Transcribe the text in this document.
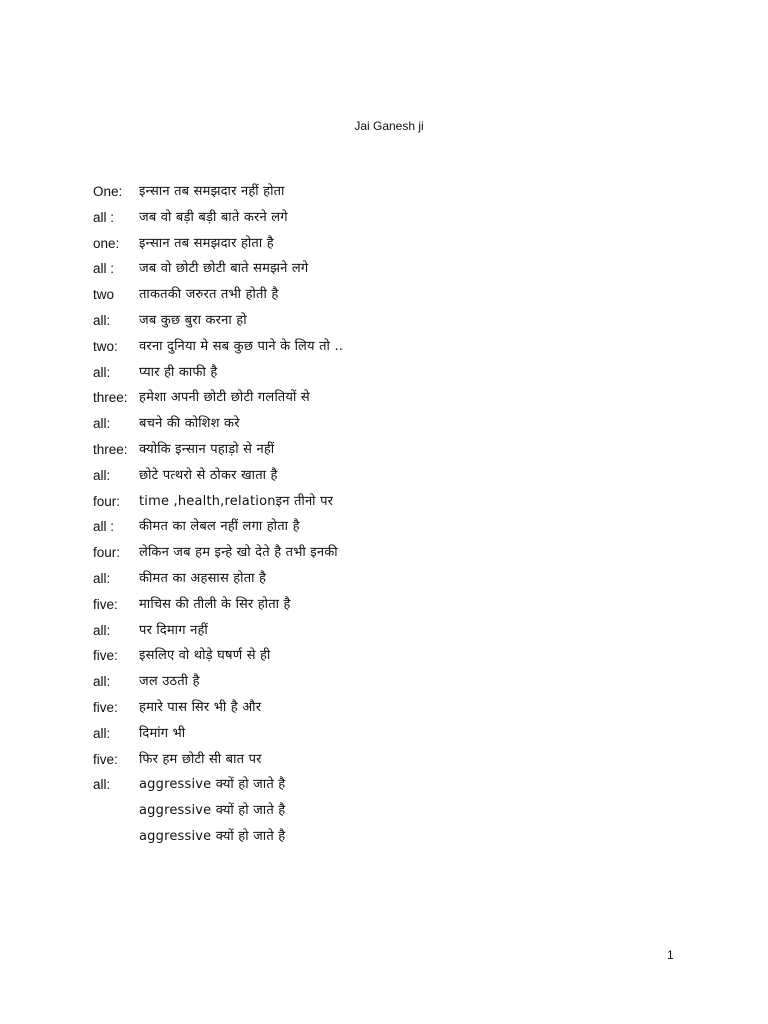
Jai Ganesh ji
One: इन्सान तब समझदार नहीं होता
all : जब वो बड़ी बड़ी बाते करने लगे
one: इन्सान तब समझदार होता है
all : जब वो छोटी छोटी बाते समझने लगे
two ताकतकी जरुरत तभी होती है
all: जब कुछ बुरा करना हो
two: वरना दुनिया मे सब कुछ पाने के लिय तो ..
all: प्यार ही काफी है
three: हमेशा अपनी छोटी छोटी गलतियों से
all: बचने की कोशिश करे
three: क्योकि इन्सान पहाड़ो से नहीं
all: छोटे पत्थरो से ठोकर खाता है
four: time ,health,relationइन तीनो पर
all : कीमत का लेबल नहीं लगा होता है
four: लेकिन जब हम इन्हे खो देते है तभी इनकी
all: कीमत का अहसास होता है
five: माचिस की तीली के सिर होता है
all: पर दिमाग नहीं
five: इसलिए वो थोड़े घषर्ण से ही
all: जल उठती है
five: हमारे पास सिर भी है और
all: दिमांग भी
five: फिर हम छोटी सी बात पर
all: aggressive क्यों हो जाते है
aggressive क्यों हो जाते है
aggressive क्यों हो जाते है
1
